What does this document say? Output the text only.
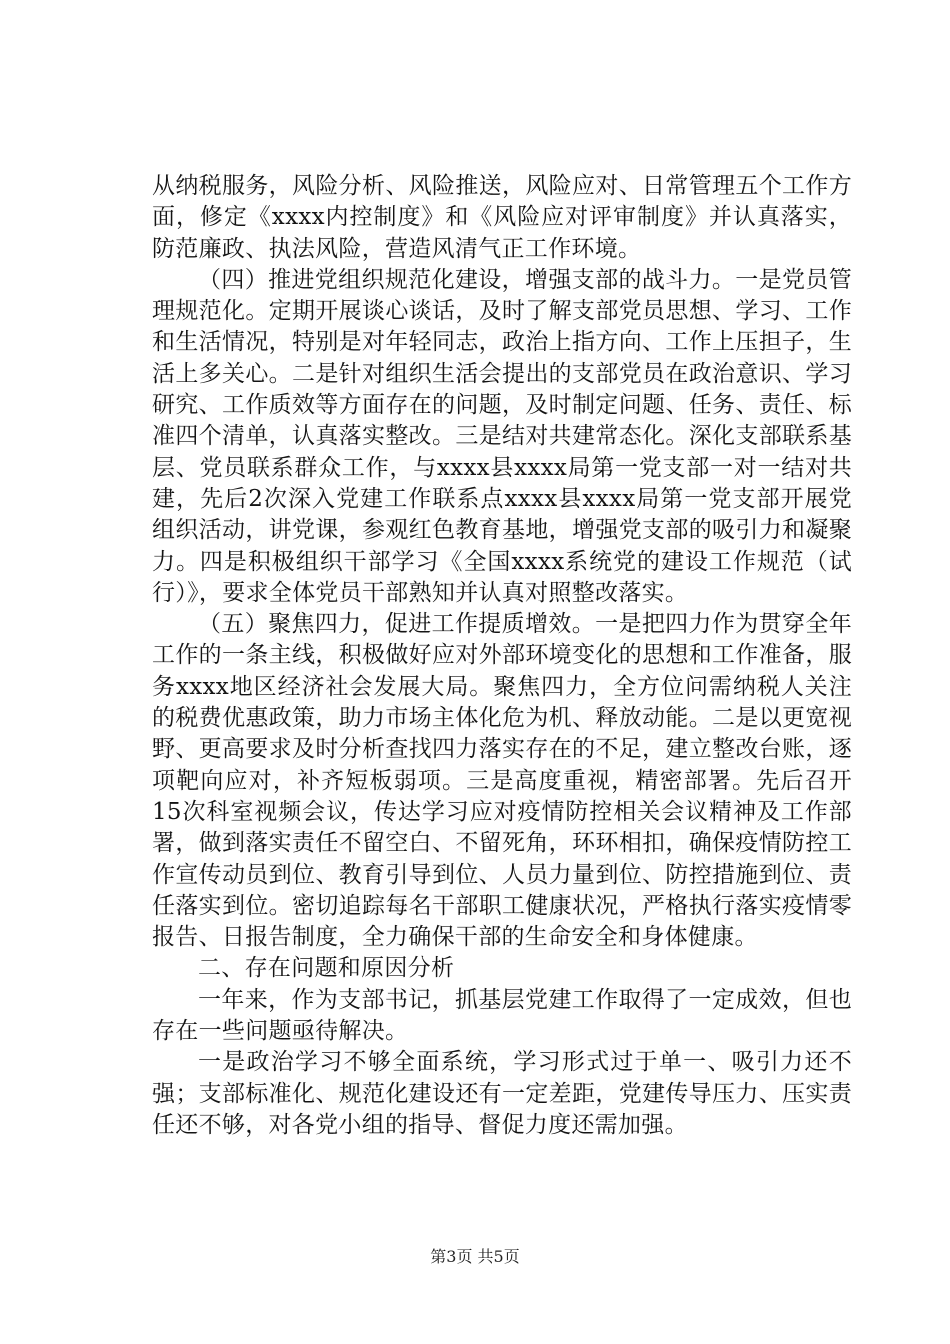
从纳税服务，风险分析、风险推送，风险应对、日常管理五个工作方面，修定《xxxx内控制度》和《风险应对评审制度》并认真落实，防范廉政、执法风险，营造风清气正工作环境。

（四）推进党组织规范化建设，增强支部的战斗力。一是党员管理规范化。定期开展谈心谈话，及时了解支部党员思想、学习、工作和生活情况，特别是对年轻同志，政治上指方向、工作上压担子，生活上多关心。二是针对组织生活会提出的支部党员在政治意识、学习研究、工作质效等方面存在的问题，及时制定问题、任务、责任、标准四个清单，认真落实整改。三是结对共建常态化。深化支部联系基层、党员联系群众工作，与xxxx县xxxx局第一党支部一对一结对共建，先后2次深入党建工作联系点xxxx县xxxx局第一党支部开展党组织活动，讲党课，参观红色教育基地，增强党支部的吸引力和凝聚力。四是积极组织干部学习《全国xxxx系统党的建设工作规范（试行）》，要求全体党员干部熟知并认真对照整改落实。

（五）聚焦四力，促进工作提质增效。一是把四力作为贯穿全年工作的一条主线，积极做好应对外部环境变化的思想和工作准备，服务xxxx地区经济社会发展大局。聚焦四力，全方位问需纳税人关注的税费优惠政策，助力市场主体化危为机、释放动能。二是以更宽视野、更高要求及时分析查找四力落实存在的不足，建立整改台账，逐项靶向应对，补齐短板弱项。三是高度重视，精密部署。先后召开15次科室视频会议，传达学习应对疫情防控相关会议精神及工作部署，做到落实责任不留空白、不留死角，环环相扣，确保疫情防控工作宣传动员到位、教育引导到位、人员力量到位、防控措施到位、责任落实到位。密切追踪每名干部职工健康状况，严格执行落实疫情零报告、日报告制度，全力确保干部的生命安全和身体健康。

二、存在问题和原因分析

一年来，作为支部书记，抓基层党建工作取得了一定成效，但也存在一些问题亟待解决。

一是政治学习不够全面系统，学习形式过于单一、吸引力还不强；支部标准化、规范化建设还有一定差距，党建传导压力、压实责任还不够，对各党小组的指导、督促力度还需加强。

第3页 共5页
